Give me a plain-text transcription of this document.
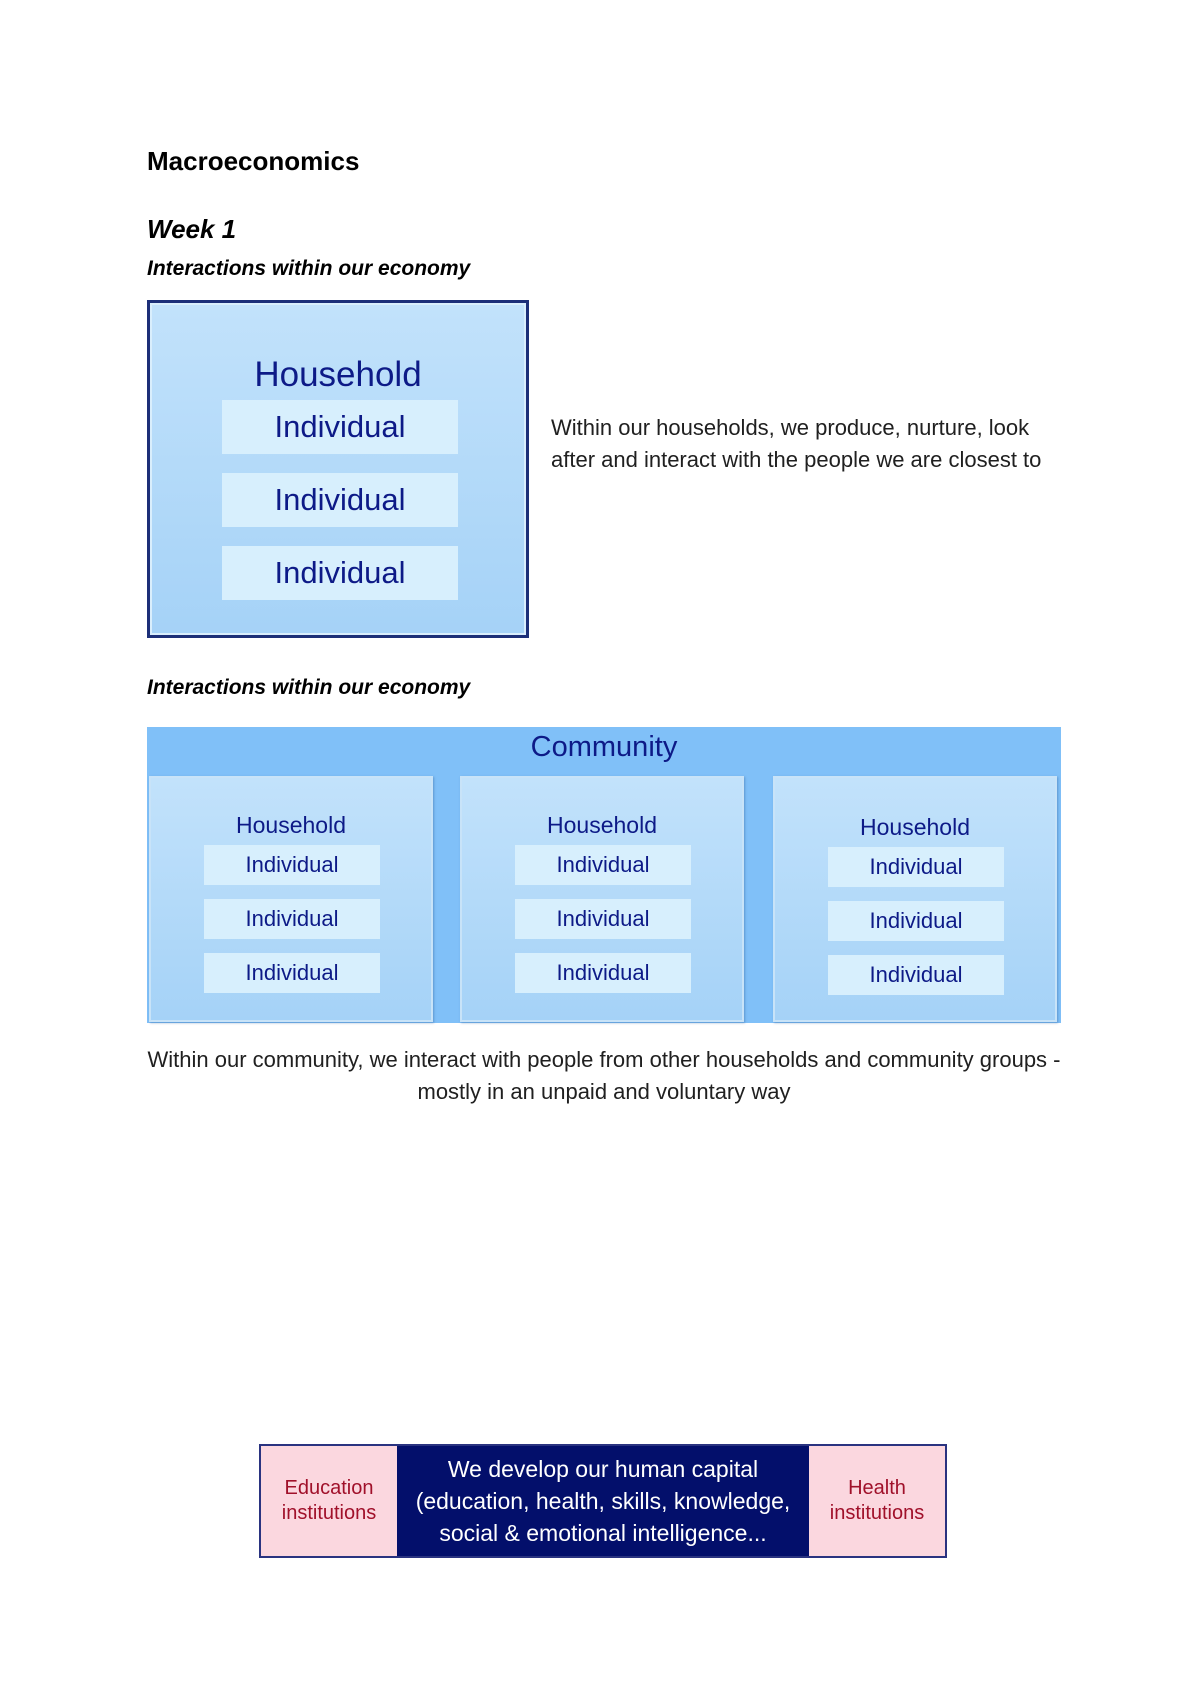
Macroeconomics
Week 1
Interactions within our economy
Household
Individual
Individual
Individual

Within our households, we produce, nurture, look after and interact with the people we are closest to

Interactions within our economy
Community
Household
Individual
Individual
Individual
Household
Individual
Individual
Individual
Household
Individual
Individual
Individual

Within our community, we interact with people from other households and community groups - mostly in an unpaid and voluntary way

Education institutions
We develop our human capital (education, health, skills, knowledge, social & emotional intelligence...
Health institutions
